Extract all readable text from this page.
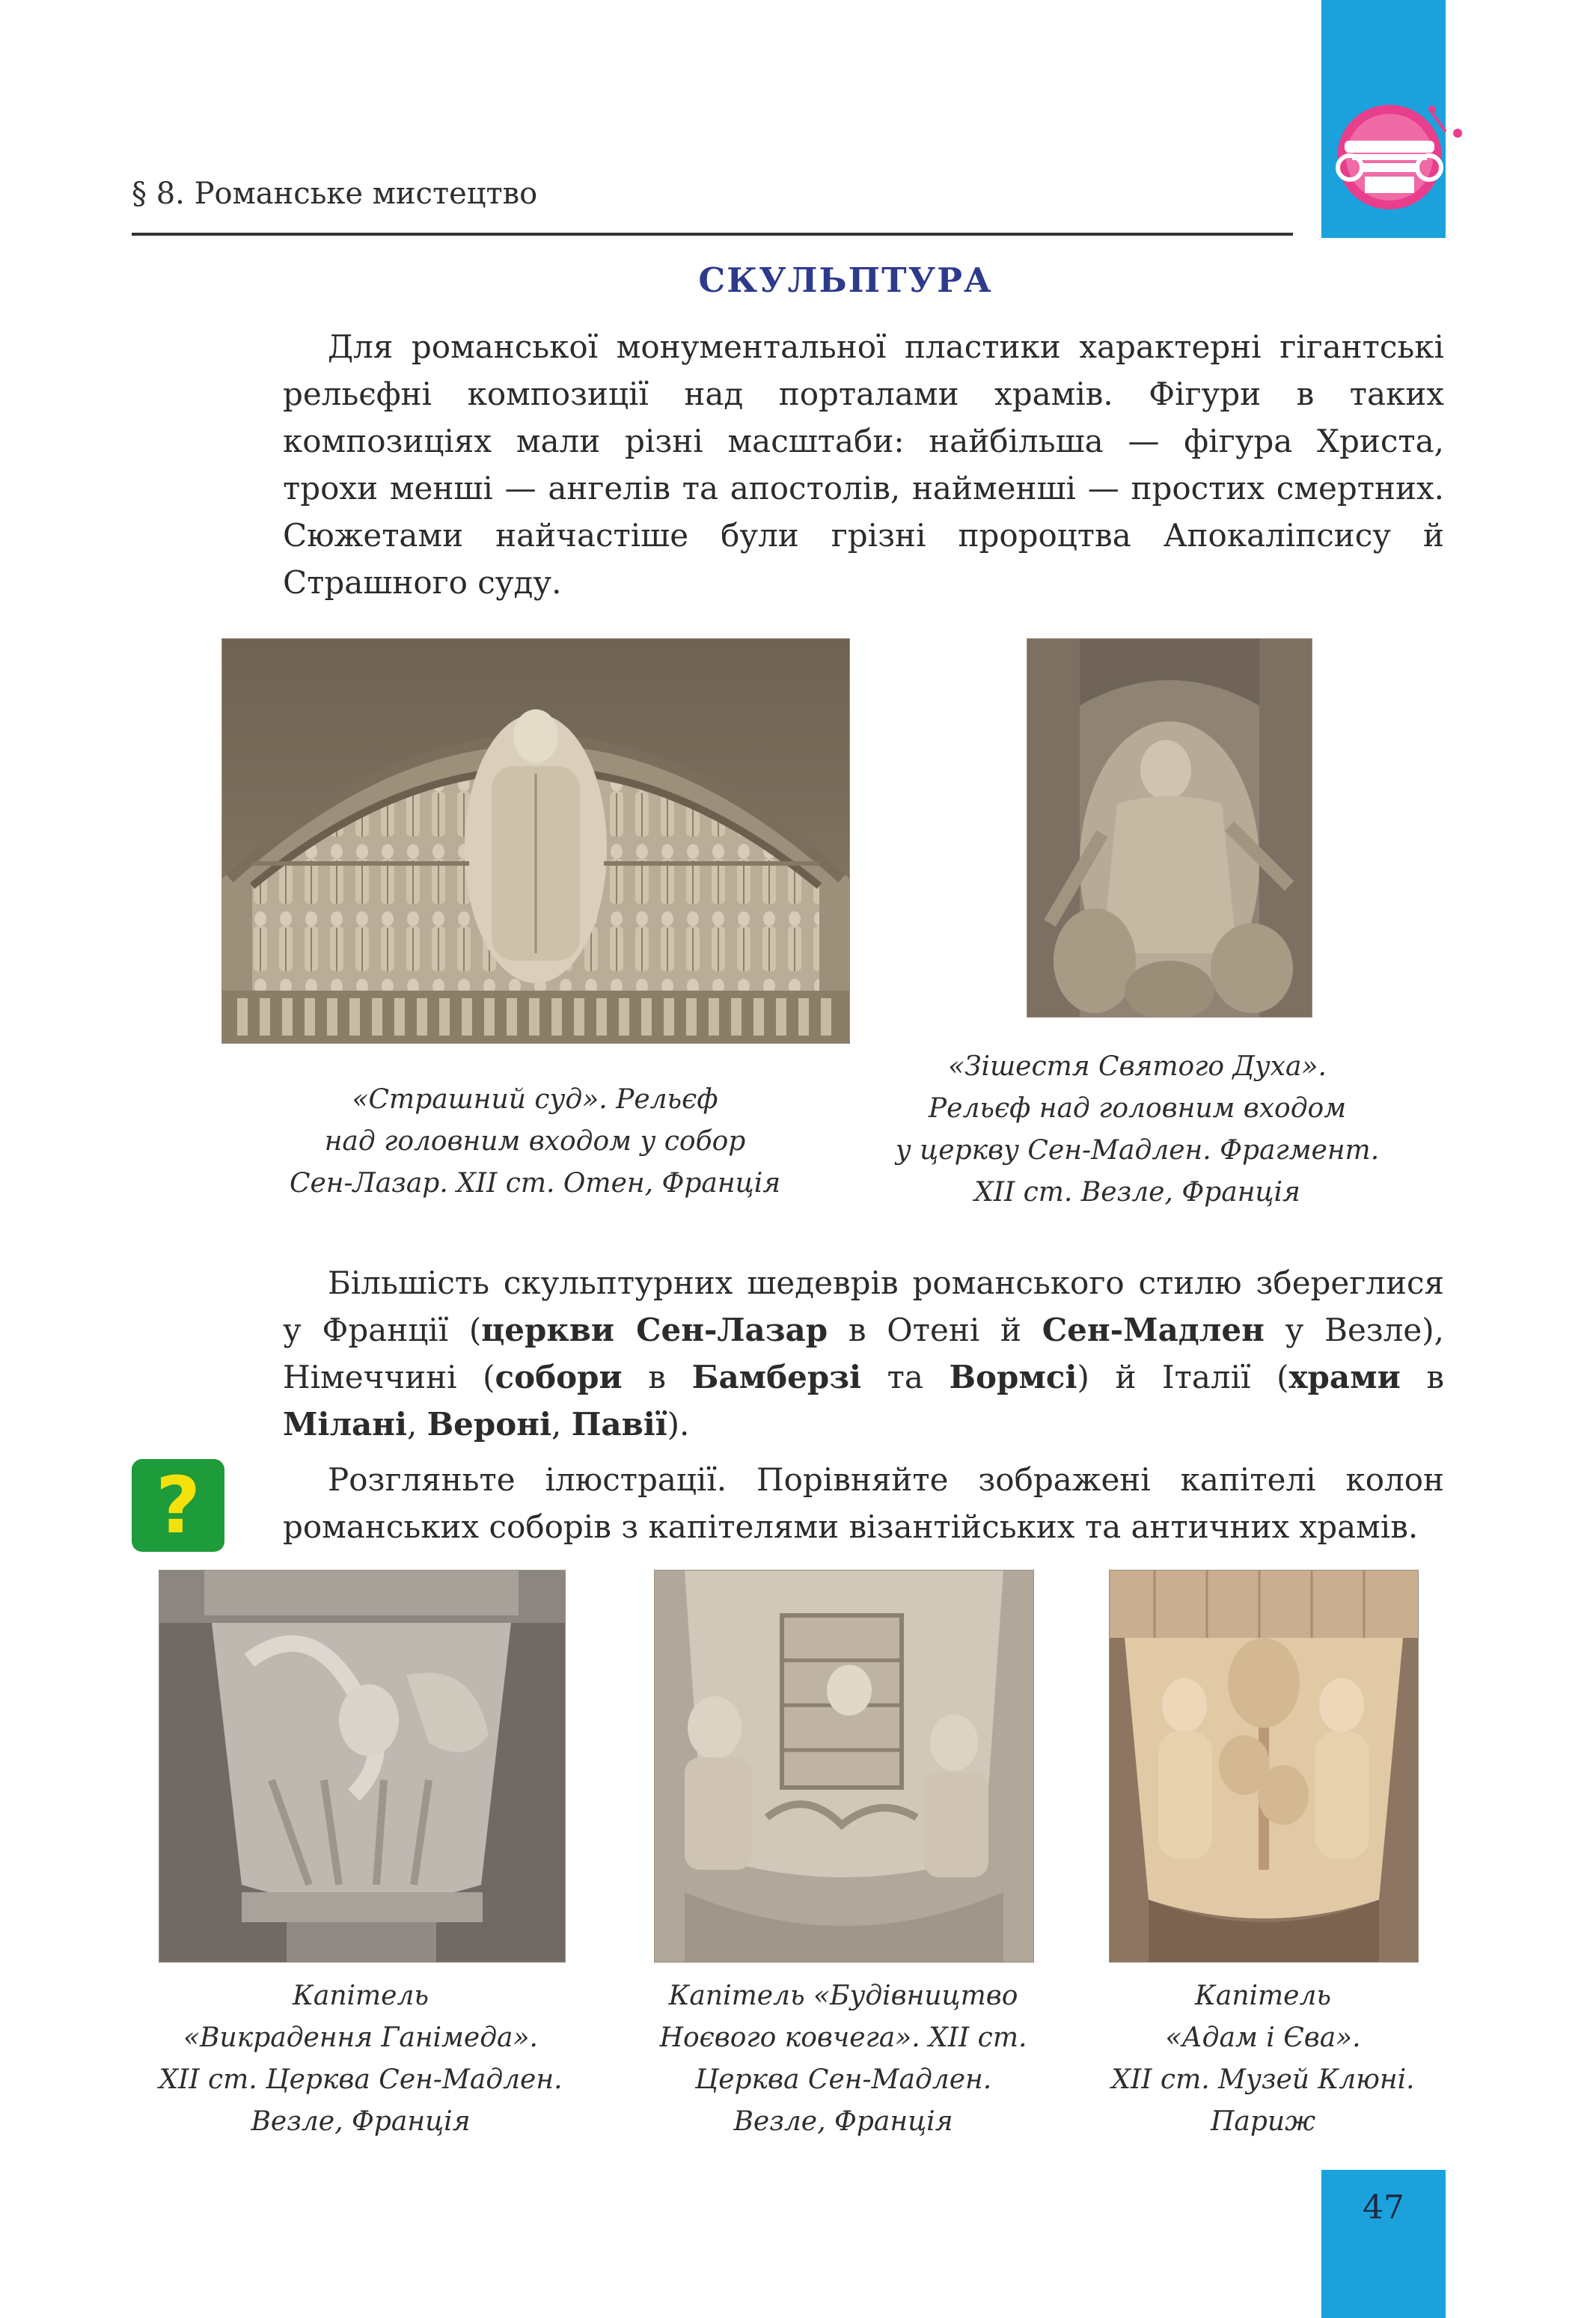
§ 8. Романське мистецтво
СКУЛЬПТУРА
Для романської монументальної пластики характерні гігантські рельєфні композиції над порталами храмів. Фігури в таких композиціях мали різні масштаби: найбільша — фігура Христа, трохи менші — ангелів та апостолів, найменші — простих смертних. Сюжетами найчастіше були грізні пророцтва Апокаліпсису й Страшного суду.
«Страшний суд». Рельєф
над головним входом у собор
Сен-Лазар. XII ст. Отен, Франція
«Зішестя Святого Духа».
Рельєф над головним входом
у церкву Сен-Мадлен. Фрагмент.
XII ст. Везле, Франція
Більшість скульптурних шедеврів романського стилю збереглися у Франції (церкви Сен-Лазар в Отені й Сен-Мадлен у Везле), Німеччині (собори в Бамберзі та Вормсі) й Італії (храми в Мілані, Вероні, Павії).
?	Розгляньте ілюстрації. Порівняйте зображені капітелі колон романських соборів з капітелями візантійських та античних храмів.
Капітель
«Викрадення Ганімеда».
XII ст. Церква Сен-Мадлен.
Везле, Франція
Капітель «Будівництво
Ноєвого ковчега». XII ст.
Церква Сен-Мадлен.
Везле, Франція
Капітель
«Адам і Єва».
XII ст. Музей Клюні.
Париж
47
